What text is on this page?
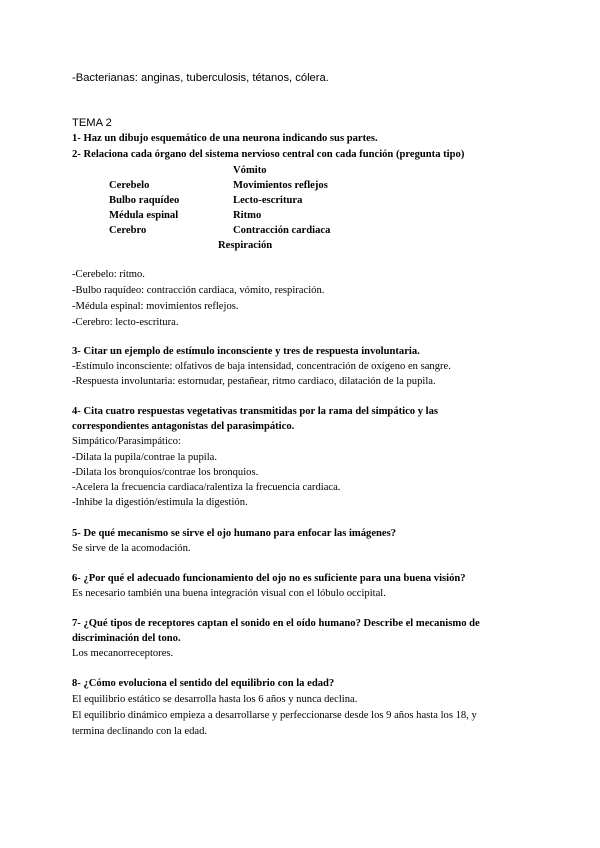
-Bacterianas: anginas, tuberculosis, tétanos, cólera.
TEMA 2
1- Haz un dibujo esquemático de una neurona indicando sus partes.
2- Relaciona cada órgano del sistema nervioso central con cada función (pregunta tipo)
Vómito
Cerebelo	Movimientos reflejos
Bulbo raquídeo	Lecto-escritura
Médula espinal	Ritmo
Cerebro	Contracción cardiaca
Respiración
-Cerebelo: ritmo.
-Bulbo raquídeo: contracción cardiaca, vómito, respiración.
-Médula espinal: movimientos reflejos.
-Cerebro: lecto-escritura.
3- Citar un ejemplo de estímulo inconsciente y tres de respuesta involuntaria.
-Estímulo inconsciente: olfativos de baja intensidad, concentración de oxígeno en sangre.
-Respuesta involuntaria: estornudar, pestañear, ritmo cardiaco, dilatación de la pupila.
4- Cita cuatro respuestas vegetativas transmitidas por la rama del simpático y las
correspondientes antagonistas del parasimpático.
Simpático/Parasimpático:
-Dilata la pupila/contrae la pupila.
-Dilata los bronquios/contrae los bronquios.
-Acelera la frecuencia cardiaca/ralentiza la frecuencia cardiaca.
-Inhibe la digestión/estimula la digestión.
5- De qué mecanismo se sirve el ojo humano para enfocar las imágenes?
Se sirve de la acomodación.
6- ¿Por qué el adecuado funcionamiento del ojo no es suficiente para una buena visión?
Es necesario también una buena integración visual con el lóbulo occipital.
7- ¿Qué tipos de receptores captan el sonido en el oído humano? Describe el mecanismo de
discriminación del tono.
Los mecanorreceptores.
8- ¿Cómo evoluciona el sentido del equilibrio con la edad?
El equilibrio estático se desarrolla hasta los 6 años y nunca declina.
El equilibrio dinámico empieza a desarrollarse y perfeccionarse desde los 9 años hasta los 18, y
termina declinando con la edad.
